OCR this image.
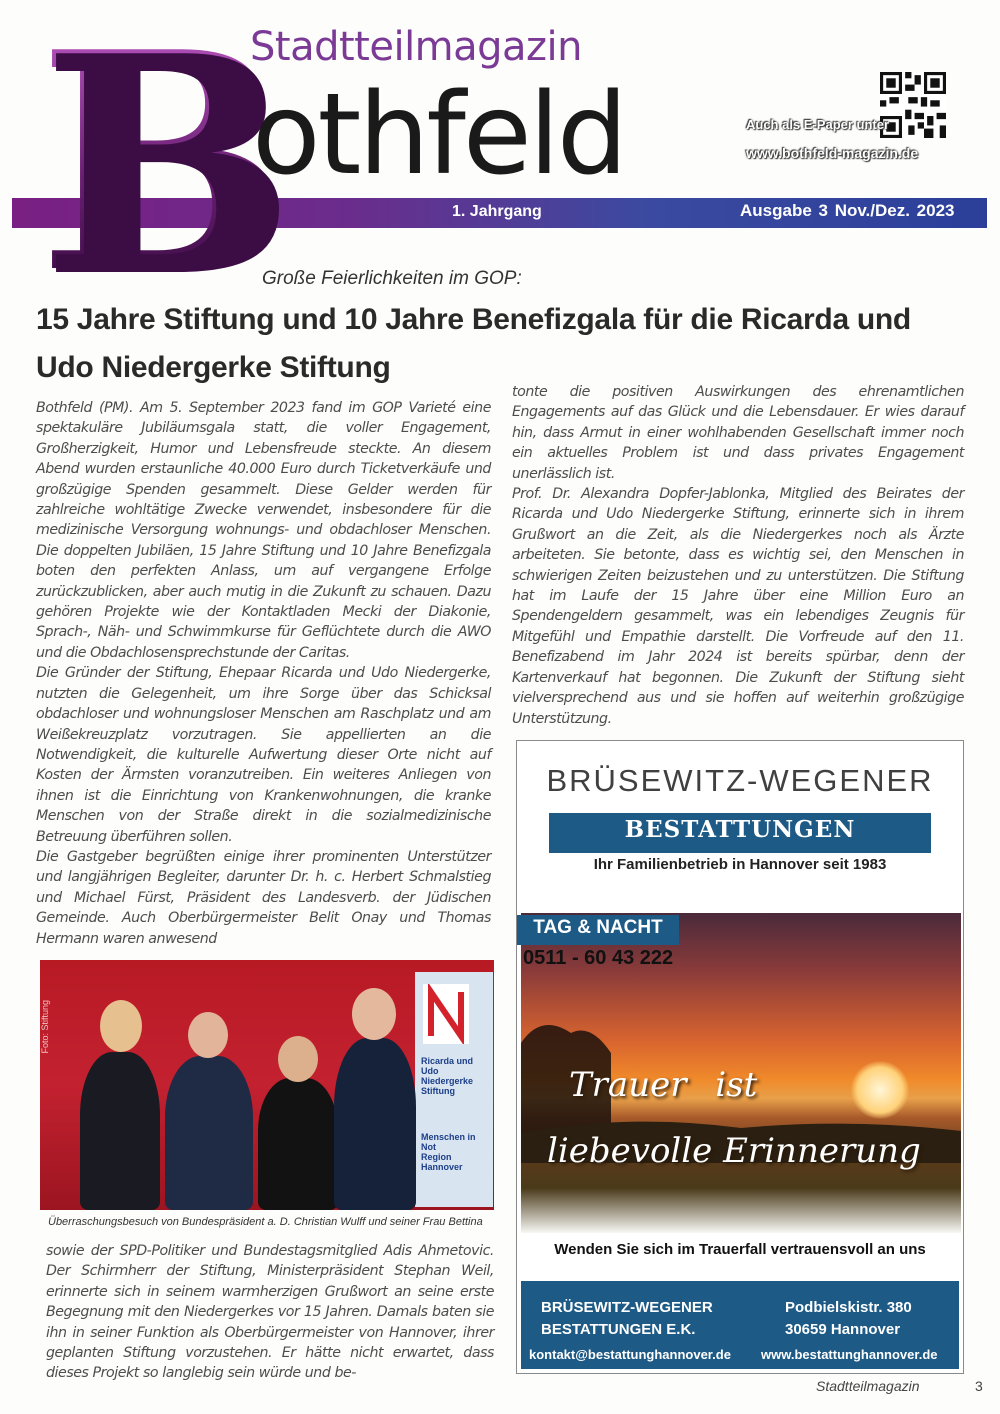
B
Stadtteilmagazin
othfeld
1. Jahrgang	Ausgabe 3 Nov./Dez. 2023
Auch als E-Paper unter
www.bothfeld-magazin.de
Große Feierlichkeiten im GOP:
15 Jahre Stiftung und 10 Jahre Benefizgala für die Ricarda und Udo Niedergerke Stiftung

Bothfeld (PM). Am 5. September 2023 fand im GOP Varieté eine spektakuläre Jubiläumsgala statt, die voller Engagement, Großherzigkeit, Humor und Lebensfreude steckte. An diesem Abend wurden erstaunliche 40.000 Euro durch Ticketverkäufe und großzügige Spenden gesammelt. Diese Gelder werden für zahlreiche wohltätige Zwecke verwendet, insbesondere für die medizinische Versorgung wohnungs- und obdachloser Menschen. Die doppelten Jubiläen, 15 Jahre Stiftung und 10 Jahre Benefizgala boten den perfekten Anlass, um auf vergangene Erfolge zurückzublicken, aber auch mutig in die Zukunft zu schauen. Dazu gehören Projekte wie der Kontaktladen Mecki der Diakonie, Sprach-, Näh- und Schwimmkurse für Geflüchtete durch die AWO und die Obdachlosensprechstunde der Caritas.

Die Gründer der Stiftung, Ehepaar Ricarda und Udo Niedergerke, nutzten die Gelegenheit, um ihre Sorge über das Schicksal obdachloser und wohnungsloser Menschen am Raschplatz und am Weißekreuzplatz vorzutragen. Sie appellierten an die Notwendigkeit, die kulturelle Aufwertung dieser Orte nicht auf Kosten der Ärmsten voranzutreiben. Ein weiteres Anliegen von ihnen ist die Einrichtung von Krankenwohnungen, die kranke Menschen von der Straße direkt in die sozialmedizinische Betreuung überführen sollen.

Die Gastgeber begrüßten einige ihrer prominenten Unterstützer und langjährigen Begleiter, darunter Dr. h. c. Herbert Schmalstieg und Michael Fürst, Präsident des Landesverb. der Jüdischen Gemeinde. Auch Oberbürgermeister Belit Onay und Thomas Hermann waren anwesend

Foto: Stiftung
Ricarda und Udo
Niedergerke Stiftung
Menschen in Not
Region Hannover
Überraschungsbesuch von Bundespräsident a. D. Christian Wulff und seiner Frau Bettina

sowie der SPD-Politiker und Bundestagsmitglied Adis Ahmetovic. Der Schirmherr der Stiftung, Ministerpräsident Stephan Weil, erinnerte sich in seinem warmherzigen Grußwort an seine erste Begegnung mit den Niedergerkes vor 15 Jahren. Damals baten sie ihn in seiner Funktion als Oberbürgermeister von Hannover, ihrer geplanten Stiftung vorzustehen. Er hätte nicht erwartet, dass dieses Projekt so langlebig sein würde und be-

tonte die positiven Auswirkungen des ehrenamtlichen Engagements auf das Glück und die Lebensdauer. Er wies darauf hin, dass Armut in einer wohlhabenden Gesellschaft immer noch ein aktuelles Problem ist und dass privates Engagement unerlässlich ist.

Prof. Dr. Alexandra Dopfer-Jablonka, Mitglied des Beirates der Ricarda und Udo Niedergerke Stiftung, erinnerte sich in ihrem Grußwort an die Zeit, als die Niedergerkes noch als Ärzte arbeiteten. Sie betonte, dass es wichtig sei, den Menschen in schwierigen Zeiten beizustehen und zu unterstützen. Die Stiftung hat im Laufe der 15 Jahre über eine Million Euro an Spendengeldern gesammelt, was ein lebendiges Zeugnis für Mitgefühl und Empathie darstellt. Die Vorfreude auf den 11. Benefizabend im Jahr 2024 ist bereits spürbar, denn der Kartenverkauf hat begonnen. Die Zukunft der Stiftung sieht vielversprechend aus und sie hoffen auf weiterhin großzügige Unterstützung.

BRÜSEWITZ-WEGENER
BESTATTUNGEN
Ihr Familienbetrieb in Hannover seit 1983
TAG & NACHT
0511 - 60 43 222
Trauer ist
liebevolle Erinnerung
Wenden Sie sich im Trauerfall vertrauensvoll an uns
BRÜSEWITZ-WEGENER
BESTATTUNGEN E.K.
Podbielskistr. 380
30659 Hannover
kontakt@bestattunghannover.de www.bestattunghannover.de
Stadtteilmagazin	3
